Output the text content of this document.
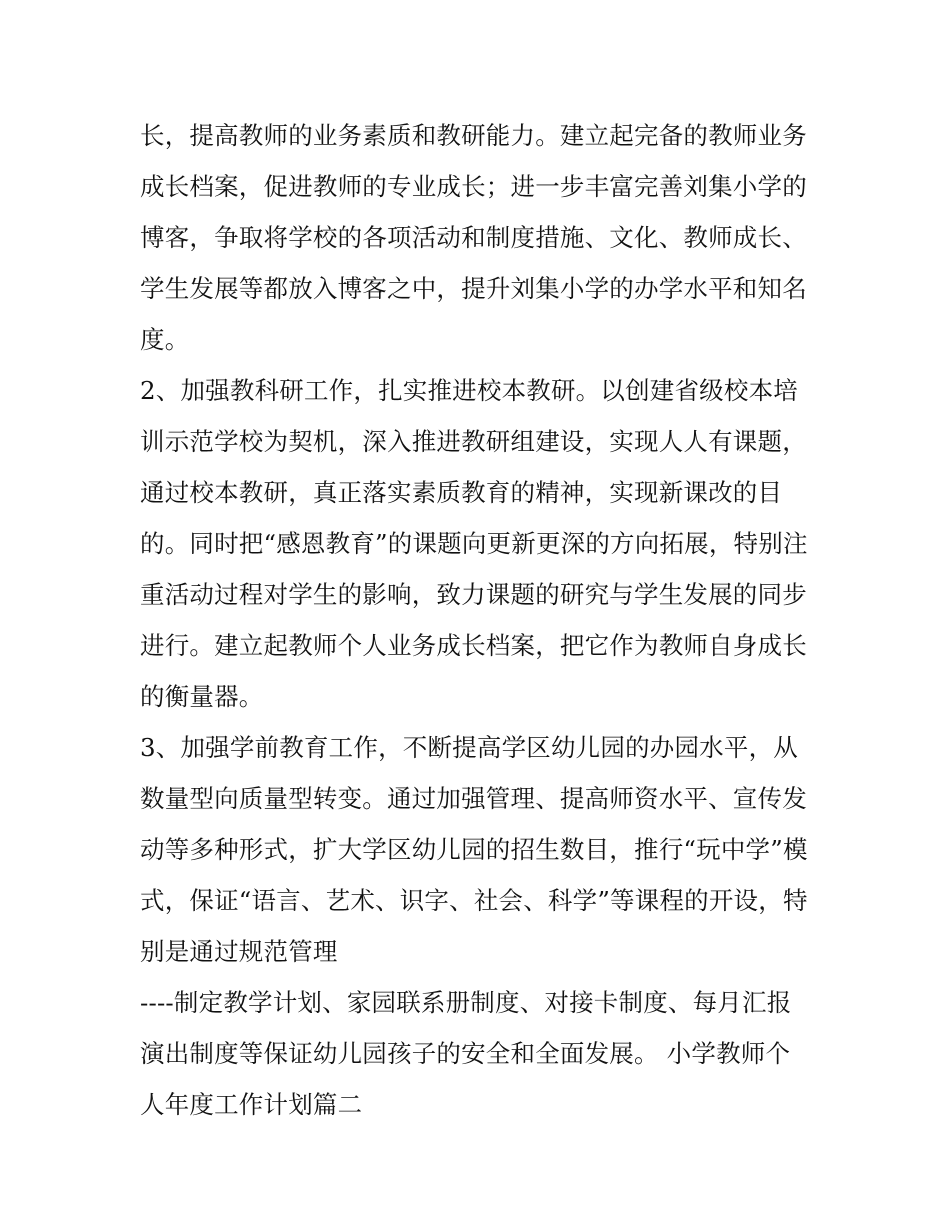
长，提高教师的业务素质和教研能力。建立起完备的教师业务
成长档案，促进教师的专业成长；进一步丰富完善刘集小学的
博客，争取将学校的各项活动和制度措施、文化、教师成长、
学生发展等都放入博客之中，提升刘集小学的办学水平和知名
度。
2、加强教科研工作，扎实推进校本教研。以创建省级校本培
训示范学校为契机，深入推进教研组建设，实现人人有课题，
通过校本教研，真正落实素质教育的精神，实现新课改的目
的。同时把“感恩教育”的课题向更新更深的方向拓展，特别注
重活动过程对学生的影响，致力课题的研究与学生发展的同步
进行。建立起教师个人业务成长档案，把它作为教师自身成长
的衡量器。
3、加强学前教育工作，不断提高学区幼儿园的办园水平，从
数量型向质量型转变。通过加强管理、提高师资水平、宣传发
动等多种形式，扩大学区幼儿园的招生数目，推行“玩中学”模
式，保证“语言、艺术、识字、社会、科学”等课程的开设，特
别是通过规范管理
----制定教学计划、家园联系册制度、对接卡制度、每月汇报
演出制度等保证幼儿园孩子的安全和全面发展。 小学教师个
人年度工作计划篇二
